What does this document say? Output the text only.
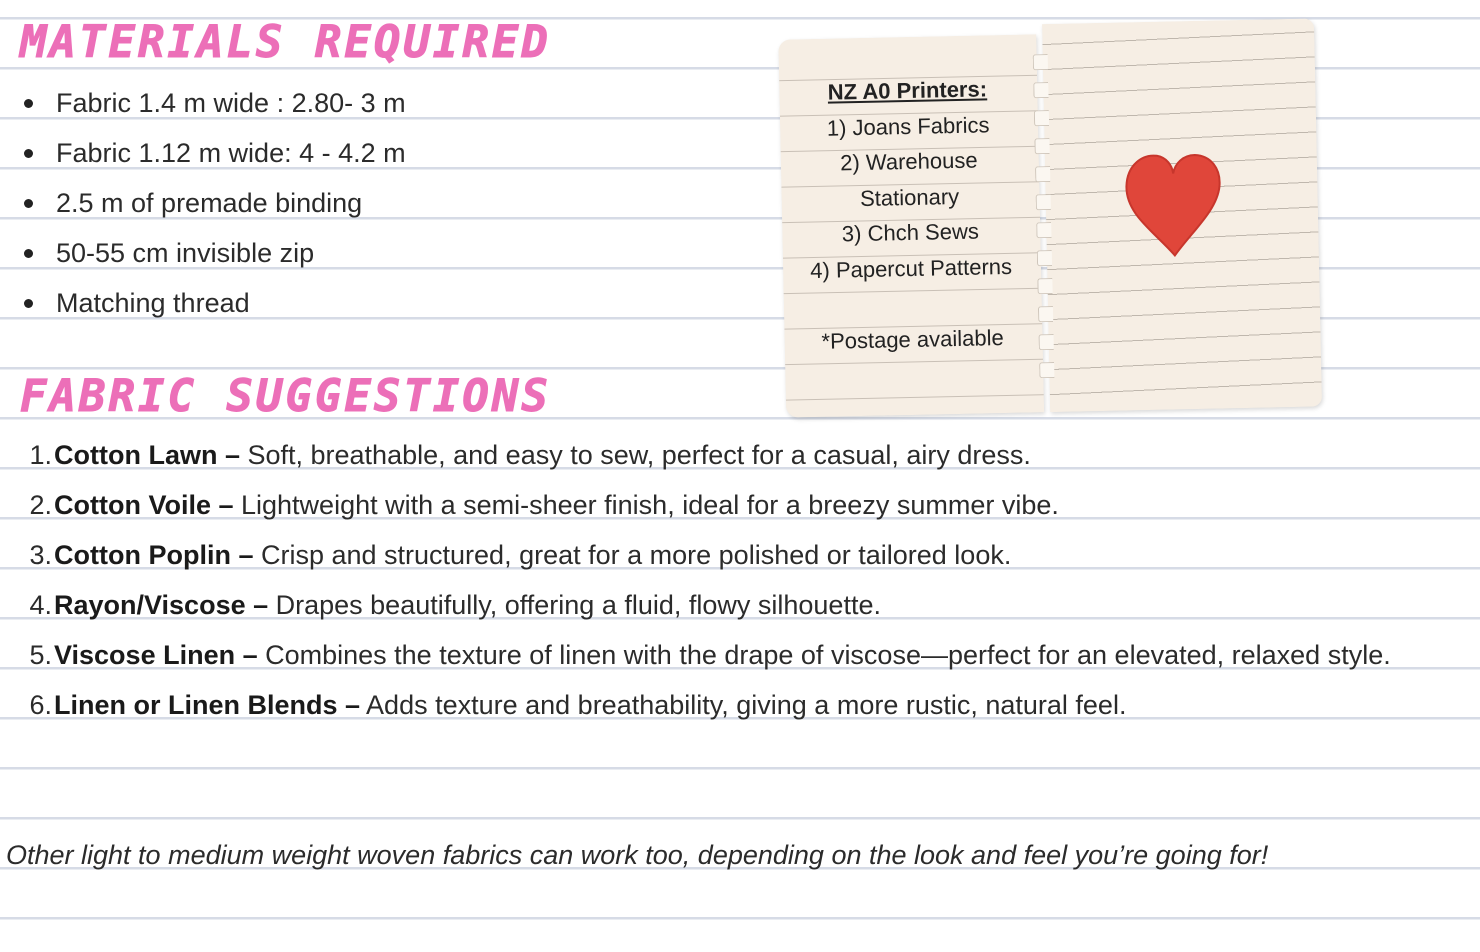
MATERIALS REQUIRED
Fabric 1.4 m wide : 2.80- 3 m
Fabric 1.12 m wide: 4 - 4.2 m
2.5 m of premade binding
50-55 cm invisible zip
Matching thread
NZ A0 Printers:
1) Joans Fabrics
2) Warehouse
Stationary
3) Chch Sews
4) Papercut Patterns

*Postage available
FABRIC SUGGESTIONS
1. Cotton Lawn – Soft, breathable, and easy to sew, perfect for a casual, airy dress.
2. Cotton Voile – Lightweight with a semi-sheer finish, ideal for a breezy summer vibe.
3. Cotton Poplin – Crisp and structured, great for a more polished or tailored look.
4. Rayon/Viscose – Drapes beautifully, offering a fluid, flowy silhouette.
5. Viscose Linen – Combines the texture of linen with the drape of viscose—perfect for an elevated, relaxed style.
6. Linen or Linen Blends – Adds texture and breathability, giving a more rustic, natural feel.

Other light to medium weight woven fabrics can work too, depending on the look and feel you’re going for!
